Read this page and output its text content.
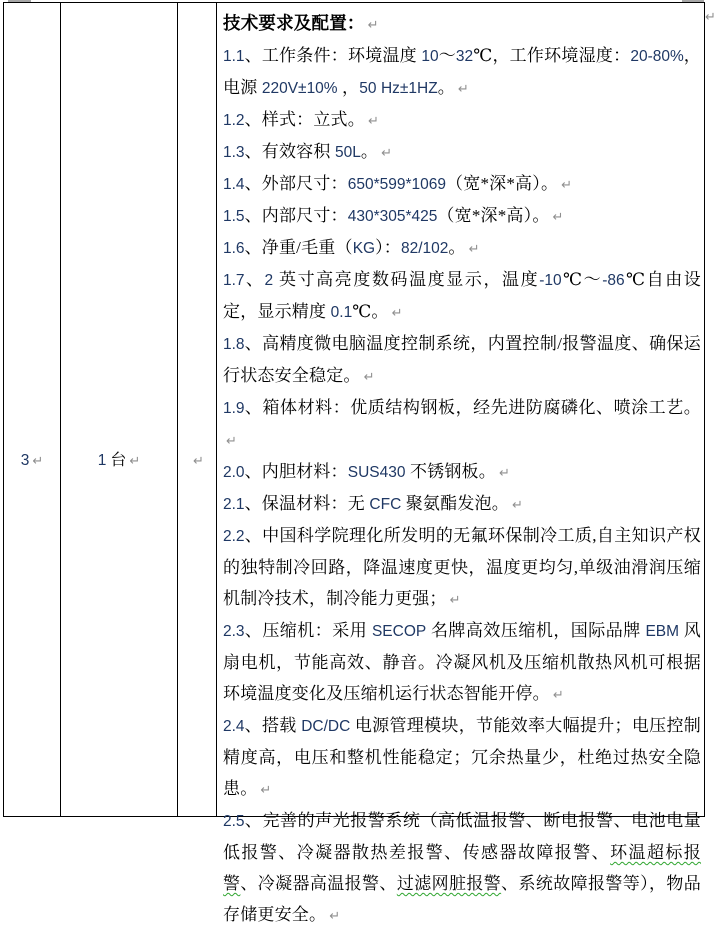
↵
3 ↵	1 台 ↵	↵
技术要求及配置： ↵
1.1、工作条件：环境温度 10～32℃，工作环境湿度：20-80%，电源 220V±10% ，50 Hz±1HZ。 ↵
1.2、样式：立式。 ↵
1.3、有效容积 50L。 ↵
1.4、外部尺寸：650*599*1069（宽*深*高）。 ↵
1.5、内部尺寸：430*305*425（宽*深*高）。 ↵
1.6、净重/毛重（KG）：82/102。 ↵
1.7、2 英寸高亮度数码温度显示，温度-10℃～-86℃自由设定，显示精度 0.1℃。 ↵
1.8、高精度微电脑温度控制系统，内置控制/报警温度、确保运行状态安全稳定。 ↵
1.9、箱体材料：优质结构钢板，经先进防腐磷化、喷涂工艺。↵
2.0、内胆材料：SUS430 不锈钢板。 ↵
2.1、保温材料：无 CFC 聚氨酯发泡。 ↵
2.2、中国科学院理化所发明的无氟环保制冷工质,自主知识产权的独特制冷回路，降温速度更快，温度更均匀,单级油滑润压缩机制冷技术，制冷能力更强； ↵
2.3、压缩机：采用 SECOP 名牌高效压缩机，国际品牌 EBM 风扇电机，节能高效、静音。冷凝风机及压缩机散热风机可根据环境温度变化及压缩机运行状态智能开停。 ↵
2.4、搭载 DC/DC 电源管理模块，节能效率大幅提升；电压控制精度高，电压和整机性能稳定；冗余热量少，杜绝过热安全隐患。 ↵
2.5、完善的声光报警系统（高低温报警、断电报警、电池电量低报警、冷凝器散热差报警、传感器故障报警、环温超标报警、冷凝器高温报警、过滤网脏报警、系统故障报警等），物品存储更安全。 ↵
